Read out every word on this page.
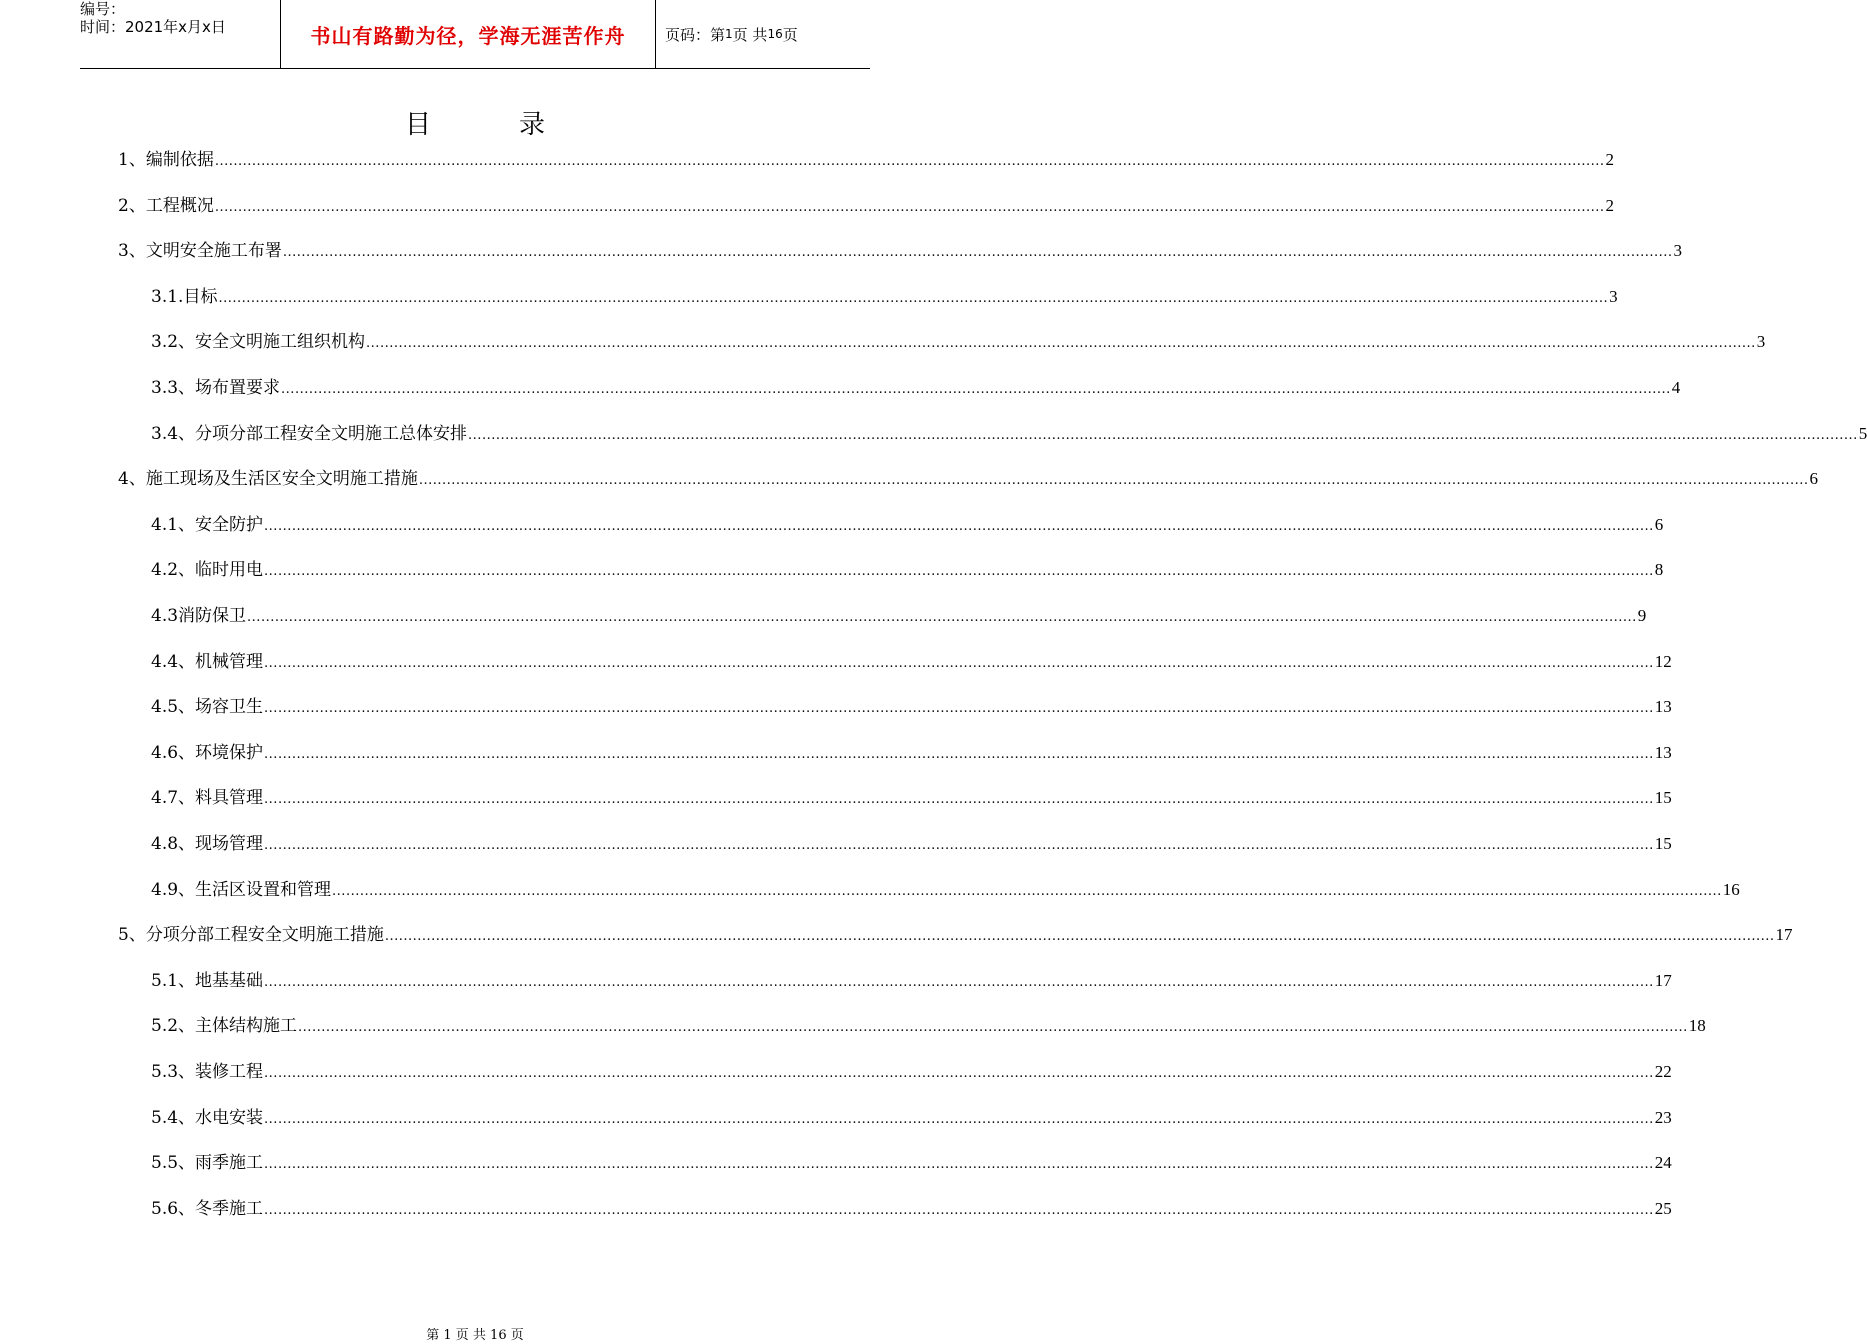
编号：
时间：2021年x月x日	书山有路勤为径，学海无涯苦作舟	页码：第 1 页 共 16 页
目	录
1、编制依据 ............................................................................................................................................................................................................................................................................................................ 2
2、工程概况 ............................................................................................................................................................................................................................................................................................................ 2
3、文明安全施工布署 ............................................................................................................................................................................................................................................................................................................ 3
3.1.目标 ............................................................................................................................................................................................................................................................................................................ 3
3.2、安全文明施工组织机构 ............................................................................................................................................................................................................................................................................................................ 3
3.3、场布置要求 ............................................................................................................................................................................................................................................................................................................ 4
3.4、分项分部工程安全文明施工总体安排 ............................................................................................................................................................................................................................................................................................................ 5
4、施工现场及生活区安全文明施工措施 ............................................................................................................................................................................................................................................................................................................ 6
4.1、安全防护 ............................................................................................................................................................................................................................................................................................................ 6
4.2、临时用电 ............................................................................................................................................................................................................................................................................................................ 8
4.3消防保卫 ............................................................................................................................................................................................................................................................................................................ 9
4.4、机械管理 ............................................................................................................................................................................................................................................................................................................ 12
4.5、场容卫生 ............................................................................................................................................................................................................................................................................................................ 13
4.6、环境保护 ............................................................................................................................................................................................................................................................................................................ 13
4.7、料具管理 ............................................................................................................................................................................................................................................................................................................ 15
4.8、现场管理 ............................................................................................................................................................................................................................................................................................................ 15
4.9、生活区设置和管理 ............................................................................................................................................................................................................................................................................................................ 16
5、分项分部工程安全文明施工措施 ............................................................................................................................................................................................................................................................................................................ 17
5.1、地基基础 ............................................................................................................................................................................................................................................................................................................ 17
5.2、主体结构施工 ............................................................................................................................................................................................................................................................................................................ 18
5.3、装修工程 ............................................................................................................................................................................................................................................................................................................ 22
5.4、水电安装 ............................................................................................................................................................................................................................................................................................................ 23
5.5、雨季施工 ............................................................................................................................................................................................................................................................................................................ 24
5.6、冬季施工 ............................................................................................................................................................................................................................................................................................................ 25
第 1 页 共 16 页
